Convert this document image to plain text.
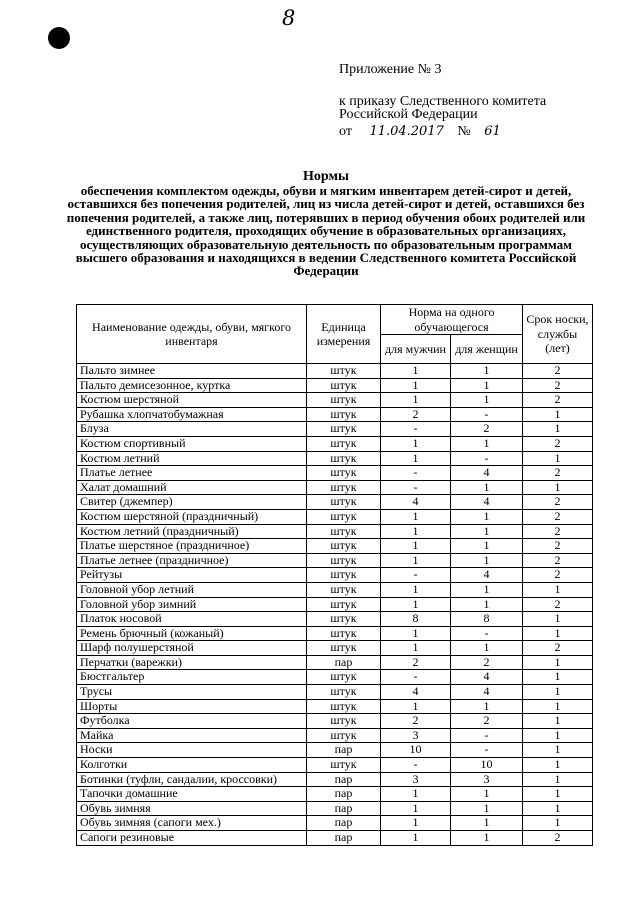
8
Приложение № 3
к приказу Следственного комитета Российской Федерации
от 11.04.2017 № 61
Нормы
обеспечения комплектом одежды, обуви и мягким инвентарем детей-сирот и детей, оставшихся без попечения родителей, лиц из числа детей-сирот и детей, оставшихся без попечения родителей, а также лиц, потерявших в период обучения обоих родителей или единственного родителя, проходящих обучение в образовательных организациях, осуществляющих образовательную деятельность по образовательным программам высшего образования и находящихся в ведении Следственного комитета Российской Федерации
Наименование одежды, обуви, мягкого инвентаря	Единица измерения	Норма на одного обучающегося		Срок носки, службы (лет)
		для мужчин	для женщин	
Пальто зимнее	штук	1	1	2
Пальто демисезонное, куртка	штук	1	1	2
Костюм шерстяной	штук	1	1	2
Рубашка хлопчатобумажная	штук	2	-	1
Блуза	штук	-	2	1
Костюм спортивный	штук	1	1	2
Костюм летний	штук	1	-	1
Платье летнее	штук	-	4	2
Халат домашний	штук	-	1	1
Свитер (джемпер)	штук	4	4	2
Костюм шерстяной (праздничный)	штук	1	1	2
Костюм летний (праздничный)	штук	1	1	2
Платье шерстяное (праздничное)	штук	1	1	2
Платье летнее (праздничное)	штук	1	1	2
Рейтузы	штук	-	4	2
Головной убор летний	штук	1	1	1
Головной убор зимний	штук	1	1	2
Платок носовой	штук	8	8	1
Ремень брючный (кожаный)	штук	1	-	1
Шарф полушерстяной	штук	1	1	2
Перчатки (варежки)	пар	2	2	1
Бюстгальтер	штук	-	4	1
Трусы	штук	4	4	1
Шорты	штук	1	1	1
Футболка	штук	2	2	1
Майка	штук	3	-	1
Носки	пар	10	-	1
Колготки	штук	-	10	1
Ботинки (туфли, сандалии, кроссовки)	пар	3	3	1
Тапочки домашние	пар	1	1	1
Обувь зимняя	пар	1	1	1
Обувь зимняя (сапоги мех.)	пар	1	1	1
Сапоги резиновые	пар	1	1	2
